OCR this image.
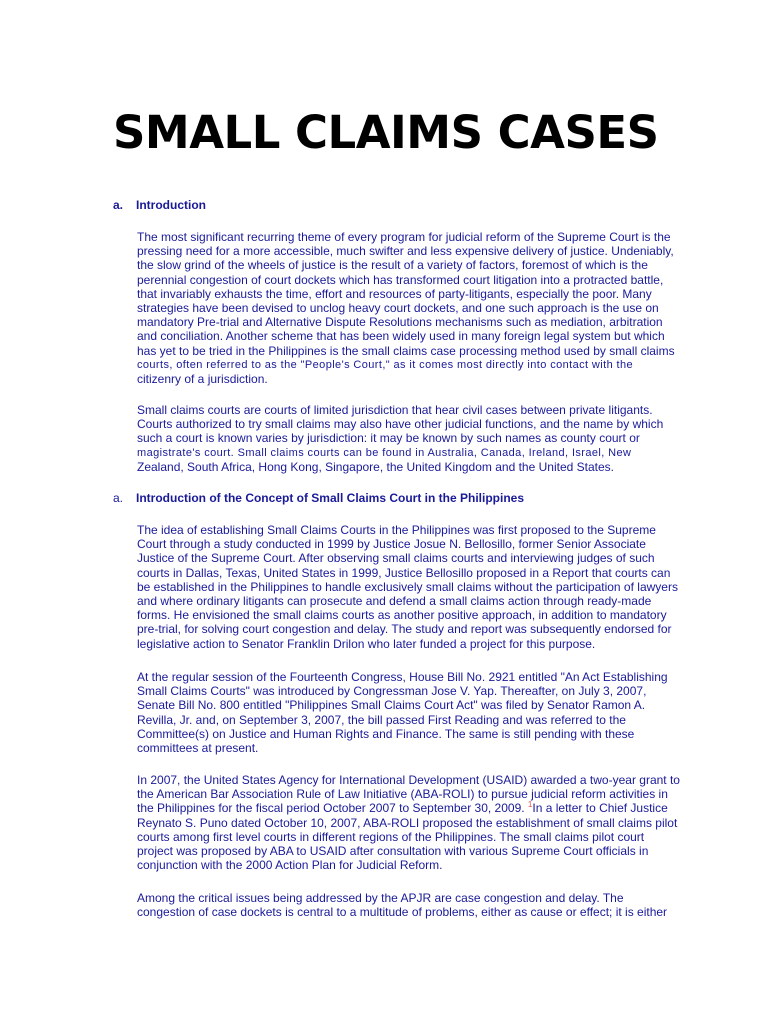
SMALL CLAIMS CASES
a. Introduction
The most significant recurring theme of every program for judicial reform of the Supreme Court is the
pressing need for a more accessible, much swifter and less expensive delivery of justice. Undeniably,
the slow grind of the wheels of justice is the result of a variety of factors, foremost of which is the
perennial congestion of court dockets which has transformed court litigation into a protracted battle,
that invariably exhausts the time, effort and resources of party-litigants, especially the poor. Many
strategies have been devised to unclog heavy court dockets, and one such approach is the use on
mandatory Pre-trial and Alternative Dispute Resolutions mechanisms such as mediation, arbitration
and conciliation. Another scheme that has been widely used in many foreign legal system but which
has yet to be tried in the Philippines is the small claims case processing method used by small claims
courts, often referred to as the "People's Court," as it comes most directly into contact with the
citizenry of a jurisdiction.
Small claims courts are courts of limited jurisdiction that hear civil cases between private litigants.
Courts authorized to try small claims may also have other judicial functions, and the name by which
such a court is known varies by jurisdiction: it may be known by such names as county court or
magistrate's court. Small claims courts can be found in Australia, Canada, Ireland, Israel, New
Zealand, South Africa, Hong Kong, Singapore, the United Kingdom and the United States.
a. Introduction of the Concept of Small Claims Court in the Philippines
The idea of establishing Small Claims Courts in the Philippines was first proposed to the Supreme
Court through a study conducted in 1999 by Justice Josue N. Bellosillo, former Senior Associate
Justice of the Supreme Court. After observing small claims courts and interviewing judges of such
courts in Dallas, Texas, United States in 1999, Justice Bellosillo proposed in a Report that courts can
be established in the Philippines to handle exclusively small claims without the participation of lawyers
and where ordinary litigants can prosecute and defend a small claims action through ready-made
forms. He envisioned the small claims courts as another positive approach, in addition to mandatory
pre-trial, for solving court congestion and delay. The study and report was subsequently endorsed for
legislative action to Senator Franklin Drilon who later funded a project for this purpose.
At the regular session of the Fourteenth Congress, House Bill No. 2921 entitled "An Act Establishing
Small Claims Courts" was introduced by Congressman Jose V. Yap. Thereafter, on July 3, 2007,
Senate Bill No. 800 entitled "Philippines Small Claims Court Act" was filed by Senator Ramon A.
Revilla, Jr. and, on September 3, 2007, the bill passed First Reading and was referred to the
Committee(s) on Justice and Human Rights and Finance. The same is still pending with these
committees at present.
In 2007, the United States Agency for International Development (USAID) awarded a two-year grant to
the American Bar Association Rule of Law Initiative (ABA-ROLI) to pursue judicial reform activities in
the Philippines for the fiscal period October 2007 to September 30, 2009. $^1$In a letter to Chief Justice
Reynato S. Puno dated October 10, 2007, ABA-ROLI proposed the establishment of small claims pilot
courts among first level courts in different regions of the Philippines. The small claims pilot court
project was proposed by ABA to USAID after consultation with various Supreme Court officials in
conjunction with the 2000 Action Plan for Judicial Reform.
Among the critical issues being addressed by the APJR are case congestion and delay. The
congestion of case dockets is central to a multitude of problems, either as cause or effect; it is either
